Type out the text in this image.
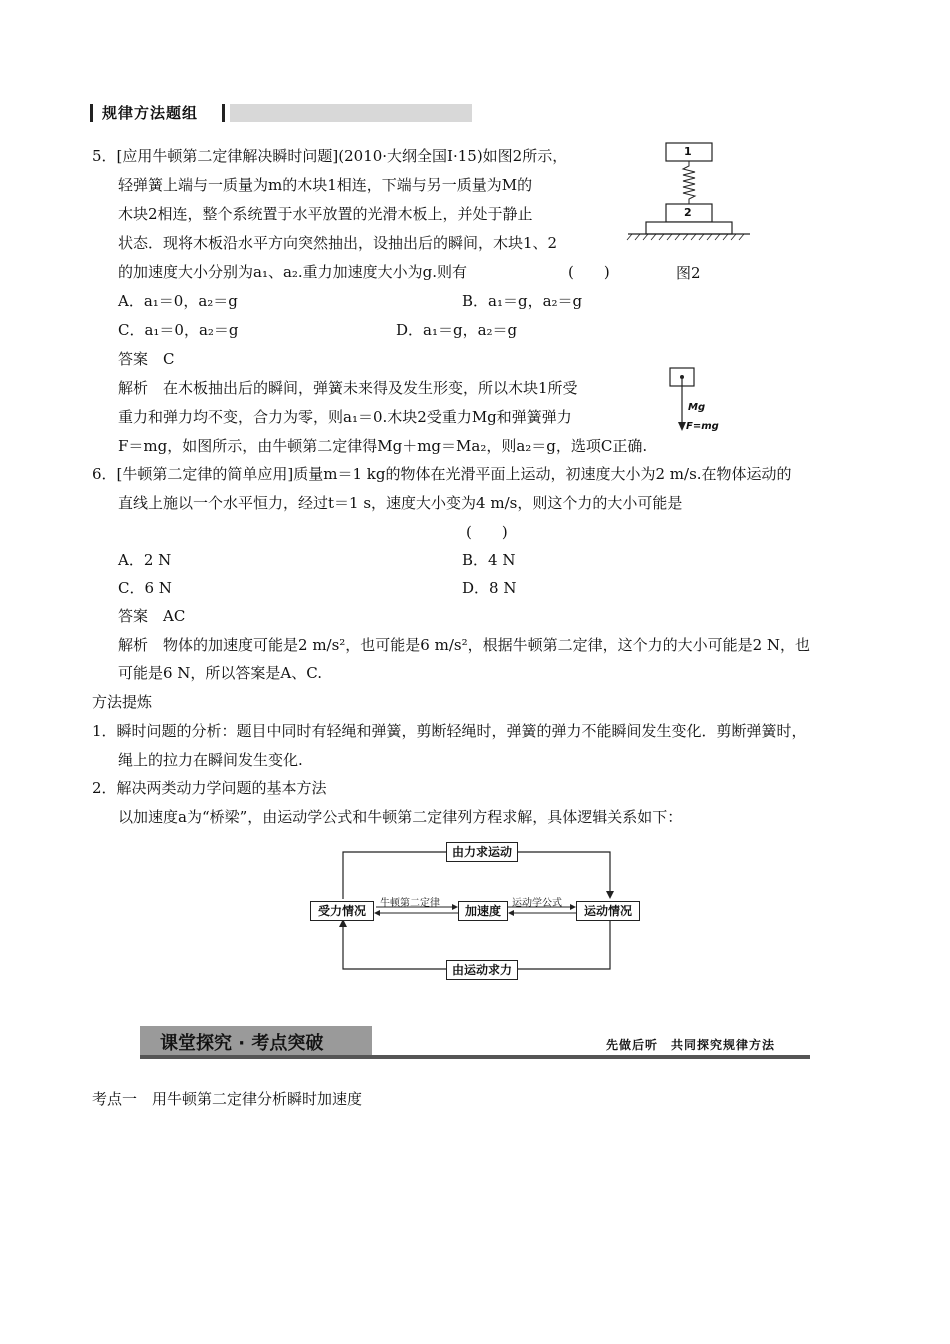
规律方法题组
5．[应用牛顿第二定律解决瞬时问题](2010·大纲全国Ⅰ·15)如图2所示，
轻弹簧上端与一质量为m的木块1相连，下端与另一质量为M的
木块2相连，整个系统置于水平放置的光滑木板上，并处于静止
状态．现将木板沿水平方向突然抽出，设抽出后的瞬间，木块1、2
的加速度大小分别为a₁、a₂.重力加速度大小为g.则有	(　　)	图2
1
2
A．a₁＝0，a₂＝g	B．a₁＝g，a₂＝g
C．a₁＝0，a₂＝g	D．a₁＝g，a₂＝g
答案　C
解析　在木板抽出后的瞬间，弹簧未来得及发生形变，所以木块1所受
重力和弹力均不变，合力为零，则a₁＝0.木块2受重力Mg和弹簧弹力
F＝mg，如图所示，由牛顿第二定律得Mg＋mg＝Ma₂，则a₂＝g，选项C正确.
Mg
F=mg
6．[牛顿第二定律的简单应用]质量m＝1 kg的物体在光滑平面上运动，初速度大小为2 m/s.在物体运动的
直线上施以一个水平恒力，经过t＝1 s，速度大小变为4 m/s，则这个力的大小可能是
(　　)
A．2 N	B．4 N
C．6 N	D．8 N
答案　AC
解析　物体的加速度可能是2 m/s²，也可能是6 m/s²，根据牛顿第二定律，这个力的大小可能是2 N，也
可能是6 N，所以答案是A、C.
方法提炼
1．瞬时问题的分析：题目中同时有轻绳和弹簧，剪断轻绳时，弹簧的弹力不能瞬间发生变化．剪断弹簧时，
绳上的拉力在瞬间发生变化.
2．解决两类动力学问题的基本方法
以加速度a为“桥梁”，由运动学公式和牛顿第二定律列方程求解，具体逻辑关系如下：
由力求运动
受力情况	加速度	运动情况
由运动求力
牛顿第二定律	运动学公式
课堂探究 · 考点突破	先做后听　共同探究规律方法
考点一　用牛顿第二定律分析瞬时加速度
